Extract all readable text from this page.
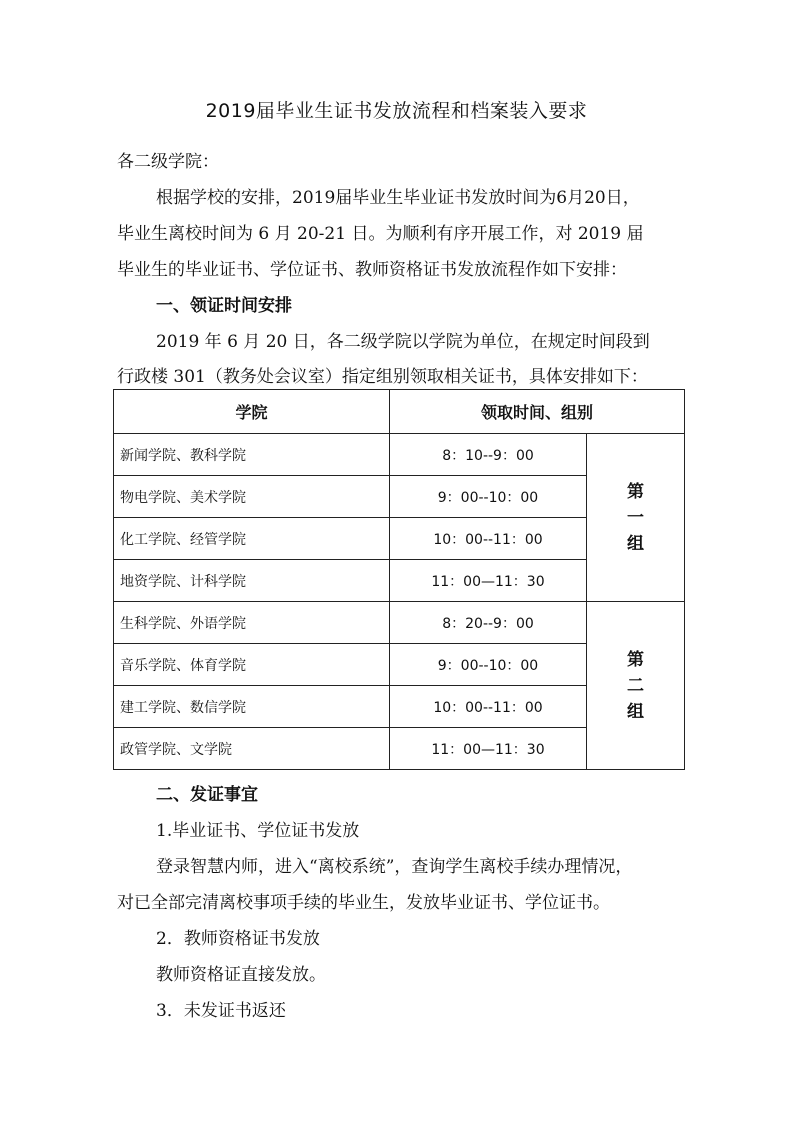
2019届毕业生证书发放流程和档案装入要求
各二级学院：
根据学校的安排，2019届毕业生毕业证书发放时间为6月20日，
毕业生离校时间为 6 月 20-21 日。为顺利有序开展工作，对 2019 届
毕业生的毕业证书、学位证书、教师资格证书发放流程作如下安排：
一、领证时间安排
2019 年 6 月 20 日，各二级学院以学院为单位，在规定时间段到
行政楼 301（教务处会议室）指定组别领取相关证书，具体安排如下：
学院	领取时间、组别	
新闻学院、教科学院	8：10--9：00	第
一
组

物电学院、美术学院	9：00--10：00	
化工学院、经管学院	10：00--11：00	
地资学院、计科学院	11：00—11：30	
生科学院、外语学院	8：20--9：00	第
二
组

音乐学院、体育学院	9：00--10：00	
建工学院、数信学院	10：00--11：00	
政管学院、文学院	11：00—11：30	
二、发证事宜
1.毕业证书、学位证书发放
登录智慧内师，进入“离校系统”，查询学生离校手续办理情况，
对已全部完清离校事项手续的毕业生，发放毕业证书、学位证书。
2．教师资格证书发放
教师资格证直接发放。
3．未发证书返还
